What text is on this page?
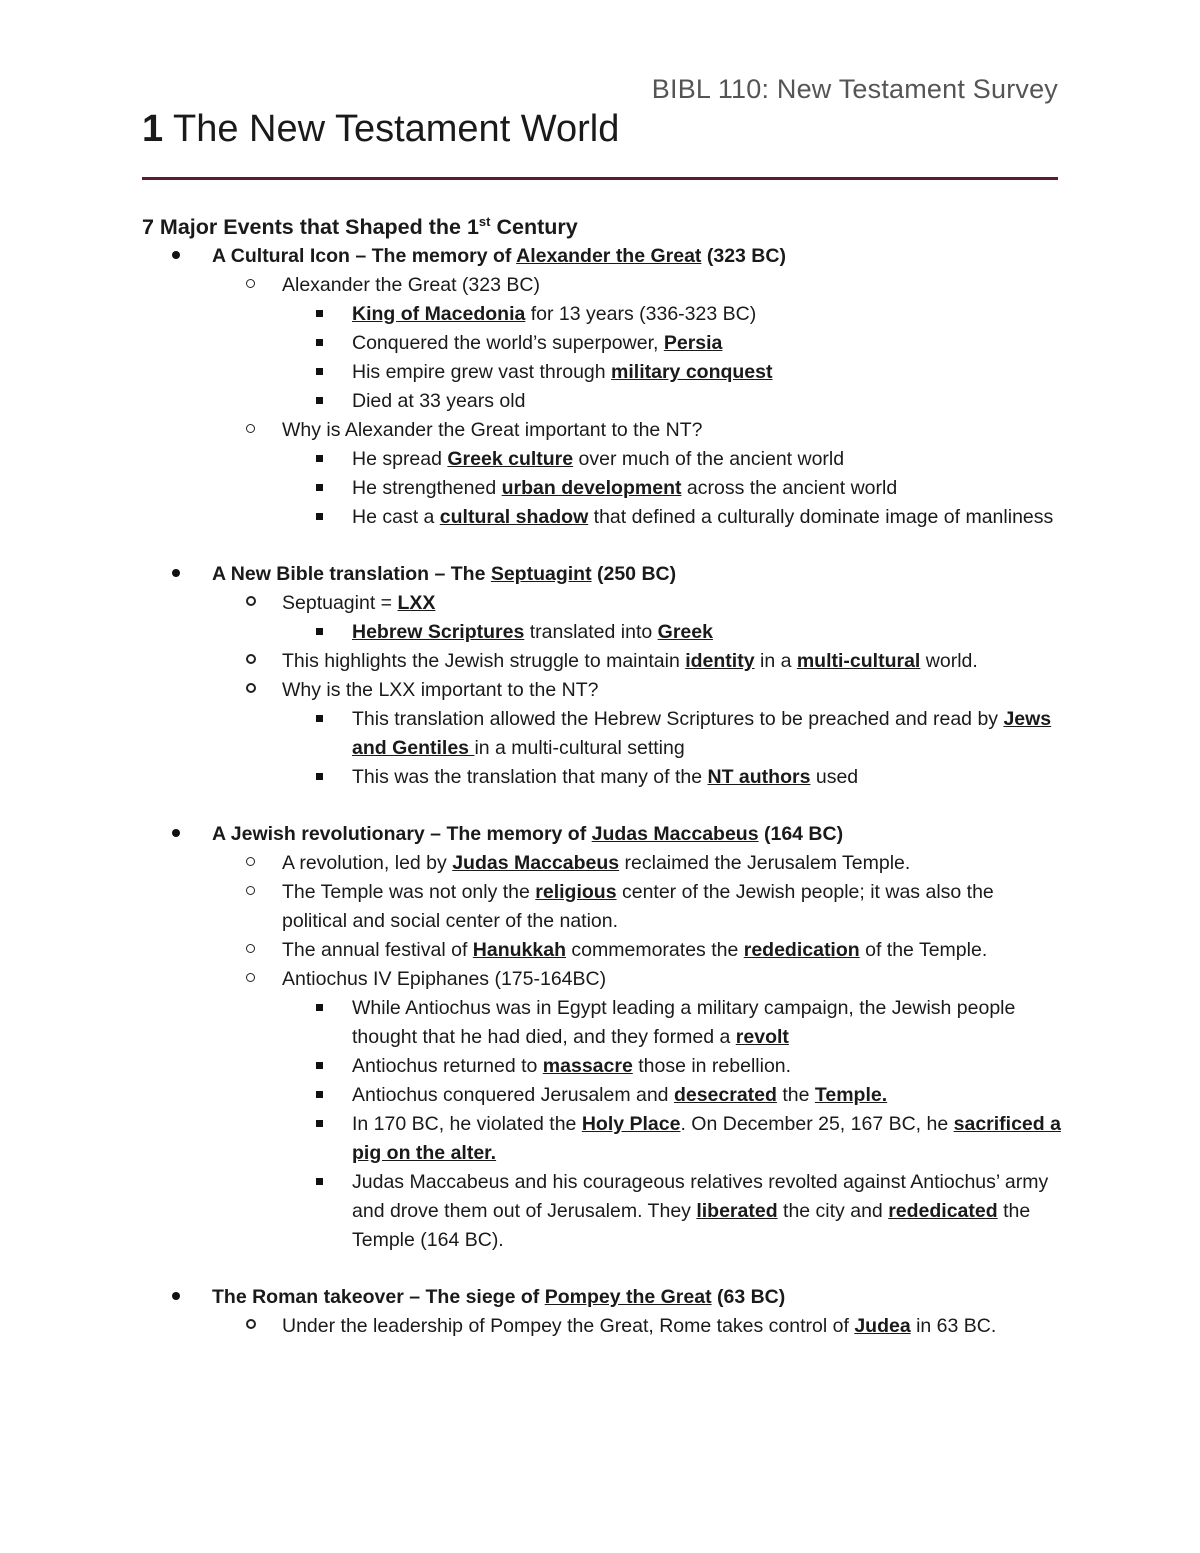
BIBL 110: New Testament Survey
1 The New Testament World
7 Major Events that Shaped the 1st Century
A Cultural Icon – The memory of Alexander the Great (323 BC)
Alexander the Great (323 BC)
King of Macedonia for 13 years (336-323 BC)
Conquered the world’s superpower, Persia
His empire grew vast through military conquest
Died at 33 years old
Why is Alexander the Great important to the NT?
He spread Greek culture over much of the ancient world
He strengthened urban development across the ancient world
He cast a cultural shadow that defined a culturally dominate image of manliness
A New Bible translation – The Septuagint (250 BC)
Septuagint = LXX
Hebrew Scriptures translated into Greek
This highlights the Jewish struggle to maintain identity in a multi-cultural world.
Why is the LXX important to the NT?
This translation allowed the Hebrew Scriptures to be preached and read by Jews and Gentiles in a multi-cultural setting
This was the translation that many of the NT authors used
A Jewish revolutionary – The memory of Judas Maccabeus (164 BC)
A revolution, led by Judas Maccabeus reclaimed the Jerusalem Temple.
The Temple was not only the religious center of the Jewish people; it was also the political and social center of the nation.
The annual festival of Hanukkah commemorates the rededication of the Temple.
Antiochus IV Epiphanes (175-164BC)
While Antiochus was in Egypt leading a military campaign, the Jewish people thought that he had died, and they formed a revolt
Antiochus returned to massacre those in rebellion.
Antiochus conquered Jerusalem and desecrated the Temple.
In 170 BC, he violated the Holy Place. On December 25, 167 BC, he sacrificed a pig on the alter.
Judas Maccabeus and his courageous relatives revolted against Antiochus’ army and drove them out of Jerusalem. They liberated the city and rededicated the Temple (164 BC).
The Roman takeover – The siege of Pompey the Great (63 BC)
Under the leadership of Pompey the Great, Rome takes control of Judea in 63 BC.
